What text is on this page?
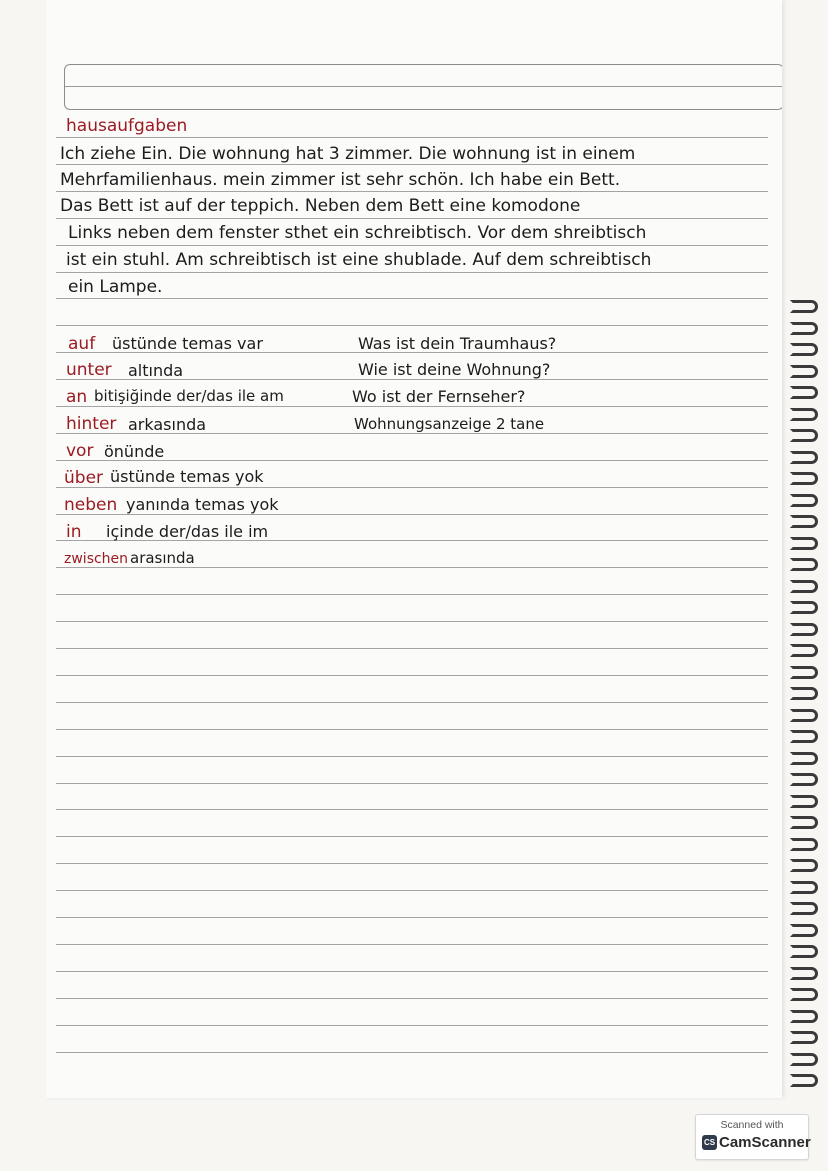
hausaufgaben
Ich ziehe Ein. Die wohnung hat 3 zimmer. Die wohnung ist in einem
Mehrfamilienhaus. mein zimmer ist sehr schön. Ich habe ein Bett.
Das Bett ist auf der teppich. Neben dem Bett eine komodone
Links neben dem fenster sthet ein schreibtisch. Vor dem shreibtisch
ist ein stuhl. Am schreibtisch ist eine shublade. Auf dem schreibtisch
ein Lampe.
auf üstünde temas var
unter altında
an bitişiğinde der/das ile am
hinter arkasında
vor önünde
über üstünde temas yok
neben yanında temas yok
in içinde der/das ile im
zwischen arasında
Was ist dein Traumhaus?
Wie ist deine Wohnung?
Wo ist der Fernseher?
Wohnungsanzeige 2 tane
Scanned with
CS CamScanner
